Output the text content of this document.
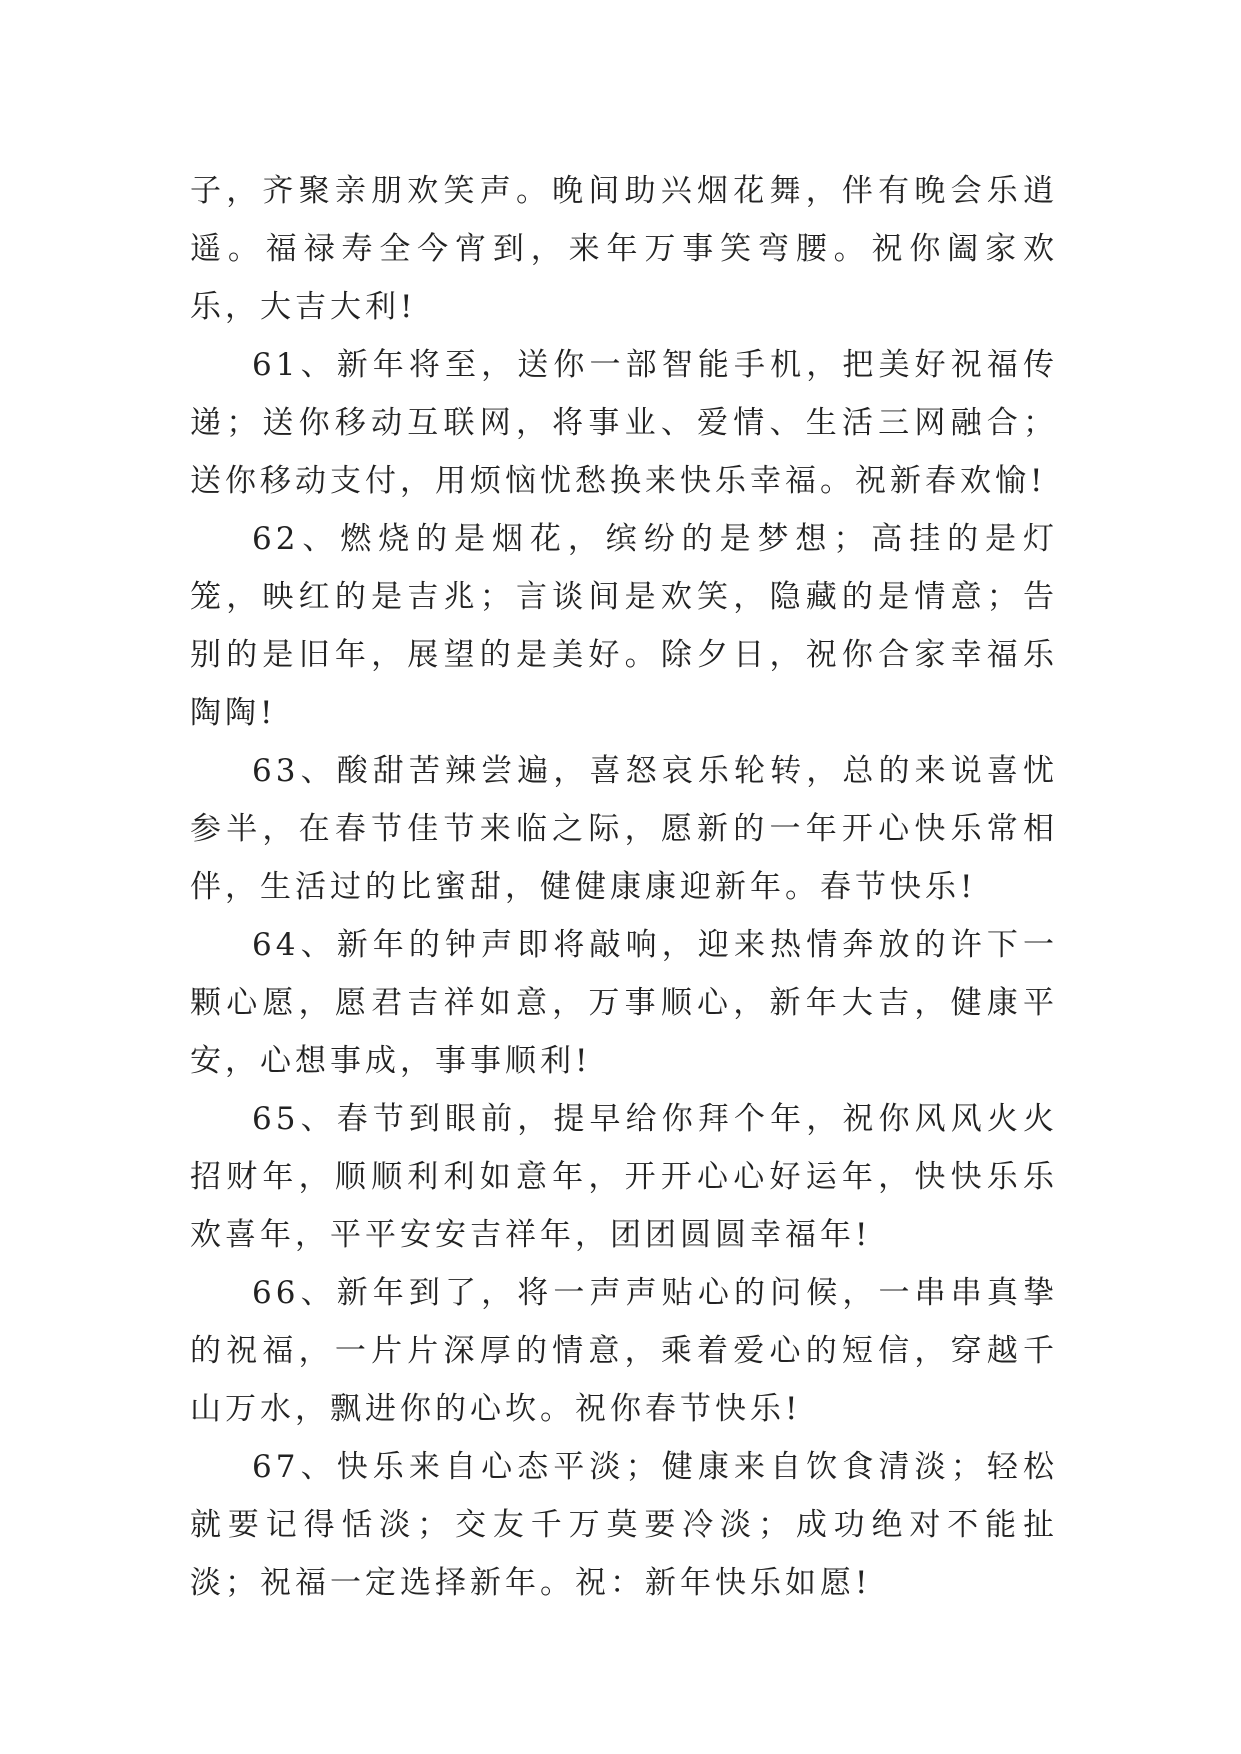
子，齐聚亲朋欢笑声。晚间助兴烟花舞，伴有晚会乐逍遥。福禄寿全今宵到，来年万事笑弯腰。祝你阖家欢乐，大吉大利!

61、新年将至，送你一部智能手机，把美好祝福传递；送你移动互联网，将事业、爱情、生活三网融合；送你移动支付，用烦恼忧愁换来快乐幸福。祝新春欢愉!

62、燃烧的是烟花，缤纷的是梦想；高挂的是灯笼，映红的是吉兆；言谈间是欢笑，隐藏的是情意；告别的是旧年，展望的是美好。除夕日，祝你合家幸福乐陶陶!

63、酸甜苦辣尝遍，喜怒哀乐轮转，总的来说喜忧参半，在春节佳节来临之际，愿新的一年开心快乐常相伴，生活过的比蜜甜，健健康康迎新年。春节快乐!

64、新年的钟声即将敲响，迎来热情奔放的许下一颗心愿，愿君吉祥如意，万事顺心，新年大吉，健康平安，心想事成，事事顺利!

65、春节到眼前，提早给你拜个年，祝你风风火火招财年，顺顺利利如意年，开开心心好运年，快快乐乐欢喜年，平平安安吉祥年，团团圆圆幸福年!

66、新年到了，将一声声贴心的问候，一串串真挚的祝福，一片片深厚的情意，乘着爱心的短信，穿越千山万水，飘进你的心坎。祝你春节快乐!

67、快乐来自心态平淡；健康来自饮食清淡；轻松就要记得恬淡；交友千万莫要冷淡；成功绝对不能扯淡；祝福一定选择新年。祝：新年快乐如愿!
